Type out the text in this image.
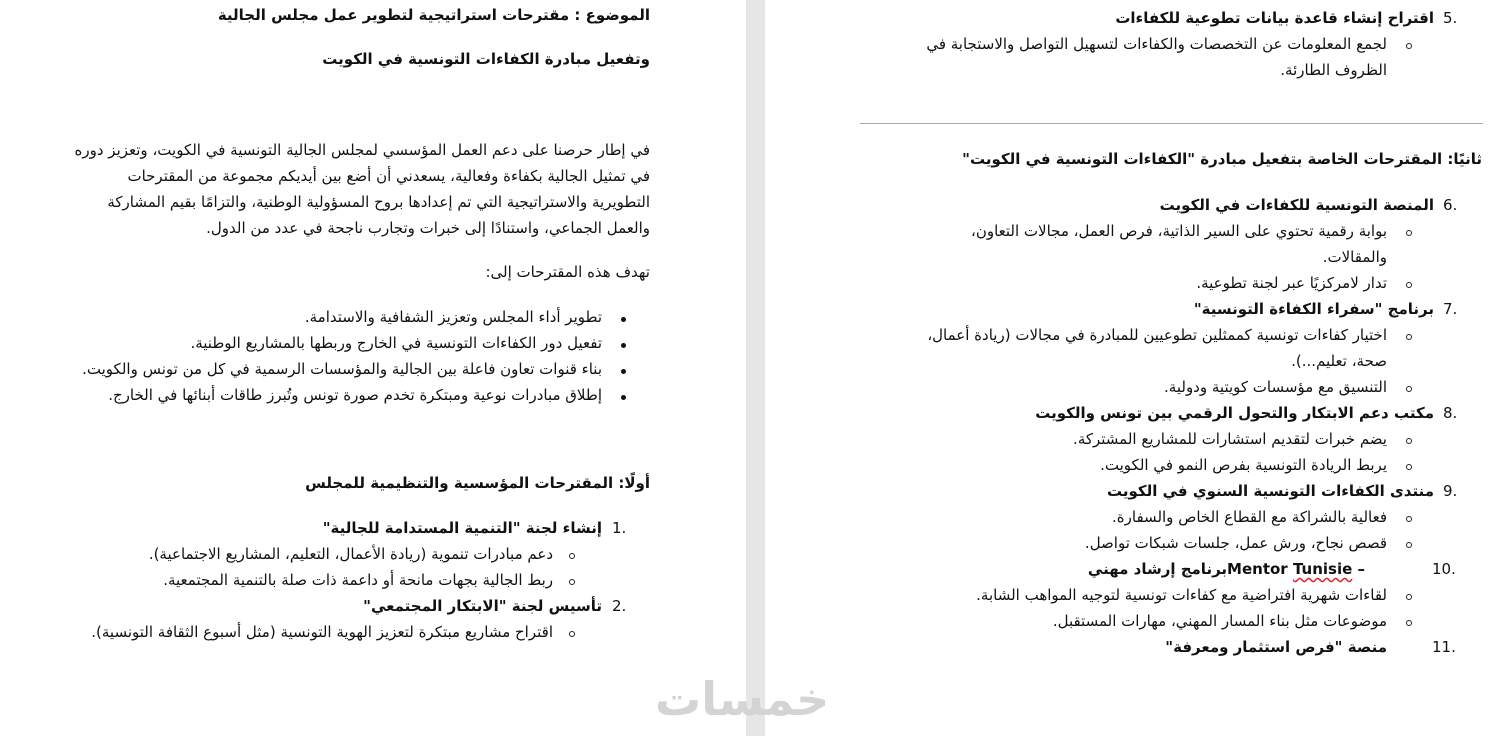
الموضوع : مقترحات استراتيجية لتطوير عمل مجلس الجالية
وتفعيل مبادرة الكفاءات التونسية في الكويت
في إطار حرصنا على دعم العمل المؤسسي لمجلس الجالية التونسية في الكويت، وتعزيز دوره
في تمثيل الجالية بكفاءة وفعالية، يسعدني أن أضع بين أيديكم مجموعة من المقترحات
التطويرية والاستراتيجية التي تم إعدادها بروح المسؤولية الوطنية، والتزامًا بقيم المشاركة
والعمل الجماعي، واستنادًا إلى خبرات وتجارب ناجحة في عدد من الدول.
تهدف هذه المقترحات إلى:
تطوير أداء المجلس وتعزيز الشفافية والاستدامة.
تفعيل دور الكفاءات التونسية في الخارج وربطها بالمشاريع الوطنية.
بناء قنوات تعاون فاعلة بين الجالية والمؤسسات الرسمية في كل من تونس والكويت.
إطلاق مبادرات نوعية ومبتكرة تخدم صورة تونس وتُبرز طاقات أبنائها في الخارج.
أولًا: المقترحات المؤسسية والتنظيمية للمجلس
1.
إنشاء لجنة "التنمية المستدامة للجالية"
دعم مبادرات تنموية (ريادة الأعمال، التعليم، المشاريع الاجتماعية).
ربط الجالية بجهات مانحة أو داعمة ذات صلة بالتنمية المجتمعية.
2.
تأسيس لجنة "الابتكار المجتمعي"
اقتراح مشاريع مبتكرة لتعزيز الهوية التونسية (مثل أسبوع الثقافة التونسية).
5.
اقتراح إنشاء قاعدة بيانات تطوعية للكفاءات
لجمع المعلومات عن التخصصات والكفاءات لتسهيل التواصل والاستجابة في
الظروف الطارئة.
ثانيًا: المقترحات الخاصة بتفعيل مبادرة "الكفاءات التونسية في الكويت"
6.
المنصة التونسية للكفاءات في الكويت
بوابة رقمية تحتوي على السير الذاتية، فرص العمل، مجالات التعاون،
والمقالات.
تدار لامركزيًا عبر لجنة تطوعية.
7.
برنامج "سفراء الكفاءة التونسية"
اختيار كفاءات تونسية كممثلين تطوعيين للمبادرة في مجالات (ريادة أعمال،
صحة، تعليم...).
التنسيق مع مؤسسات كويتية ودولية.
8.
مكتب دعم الابتكار والتحول الرقمي بين تونس والكويت
يضم خبرات لتقديم استشارات للمشاريع المشتركة.
يربط الريادة التونسية بفرص النمو في الكويت.
9.
منتدى الكفاءات التونسية السنوي في الكويت
فعالية بالشراكة مع القطاع الخاص والسفارة.
قصص نجاح، ورش عمل، جلسات شبكات تواصل.
10.
برنامج إرشاد مهنيMentor Tunisie –
لقاءات شهرية افتراضية مع كفاءات تونسية لتوجيه المواهب الشابة.
موضوعات مثل بناء المسار المهني، مهارات المستقبل.
11.
منصة "فرص استثمار ومعرفة"
خمسات
